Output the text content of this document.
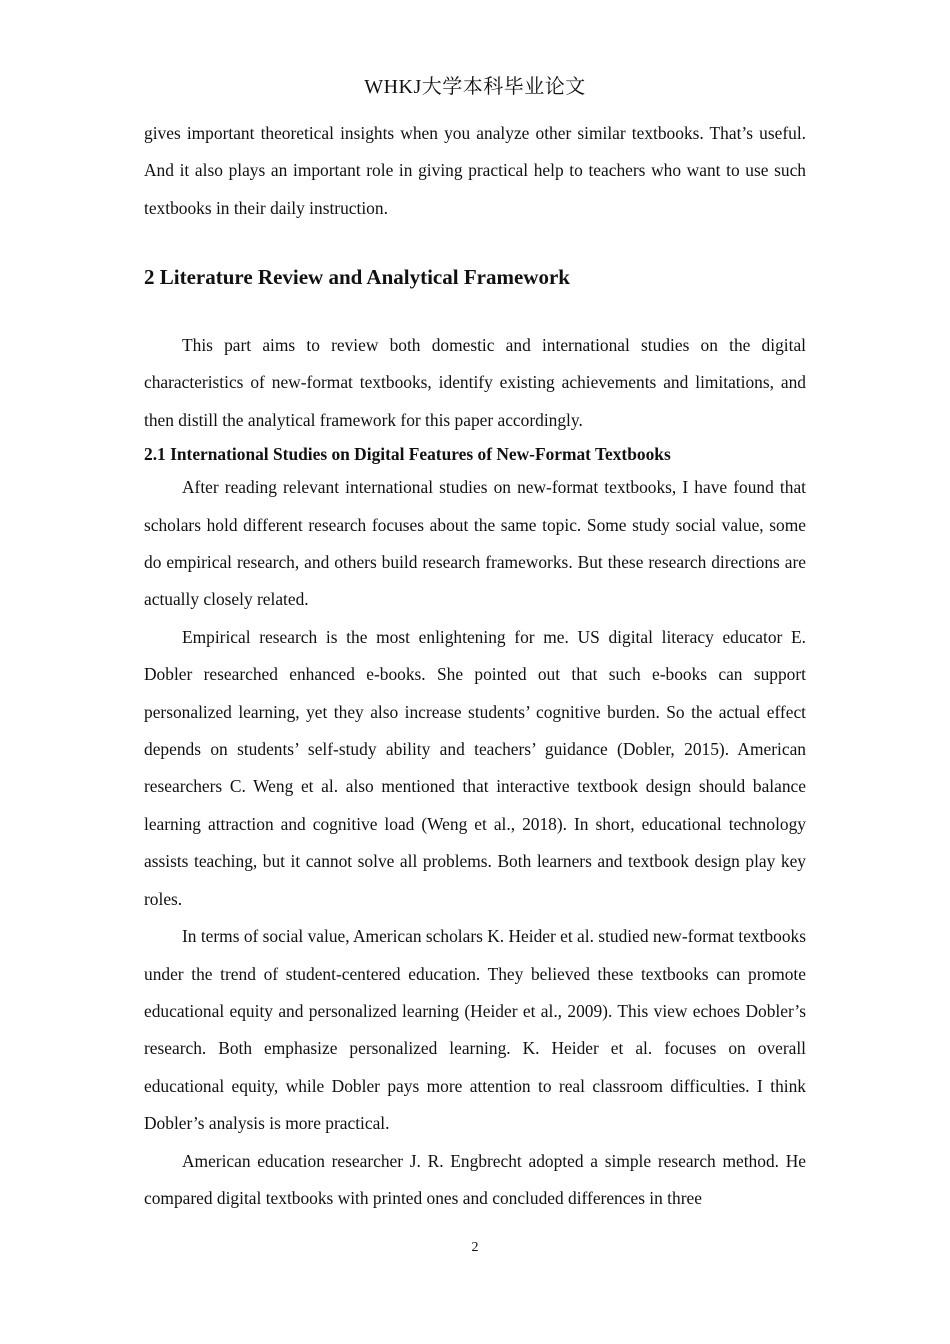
WHKJ大学本科毕业论文

gives important theoretical insights when you analyze other similar textbooks. That’s useful. And it also plays an important role in giving practical help to teachers who want to use such textbooks in their daily instruction.

2 Literature Review and Analytical Framework

This part aims to review both domestic and international studies on the digital characteristics of new-format textbooks, identify existing achievements and limitations, and then distill the analytical framework for this paper accordingly.

2.1 International Studies on Digital Features of New-Format Textbooks

After reading relevant international studies on new-format textbooks, I have found that scholars hold different research focuses about the same topic. Some study social value, some do empirical research, and others build research frameworks. But these research directions are actually closely related.

Empirical research is the most enlightening for me. US digital literacy educator E. Dobler researched enhanced e-books. She pointed out that such e-books can support personalized learning, yet they also increase students’ cognitive burden. So the actual effect depends on students’ self-study ability and teachers’ guidance (Dobler, 2015). American researchers C. Weng et al. also mentioned that interactive textbook design should balance learning attraction and cognitive load (Weng et al., 2018). In short, educational technology assists teaching, but it cannot solve all problems. Both learners and textbook design play key roles.

In terms of social value, American scholars K. Heider et al. studied new-format textbooks under the trend of student-centered education. They believed these textbooks can promote educational equity and personalized learning (Heider et al., 2009). This view echoes Dobler’s research. Both emphasize personalized learning. K. Heider et al. focuses on overall educational equity, while Dobler pays more attention to real classroom difficulties. I think Dobler’s analysis is more practical.

American education researcher J. R. Engbrecht adopted a simple research method. He compared digital textbooks with printed ones and concluded differences in three

2
